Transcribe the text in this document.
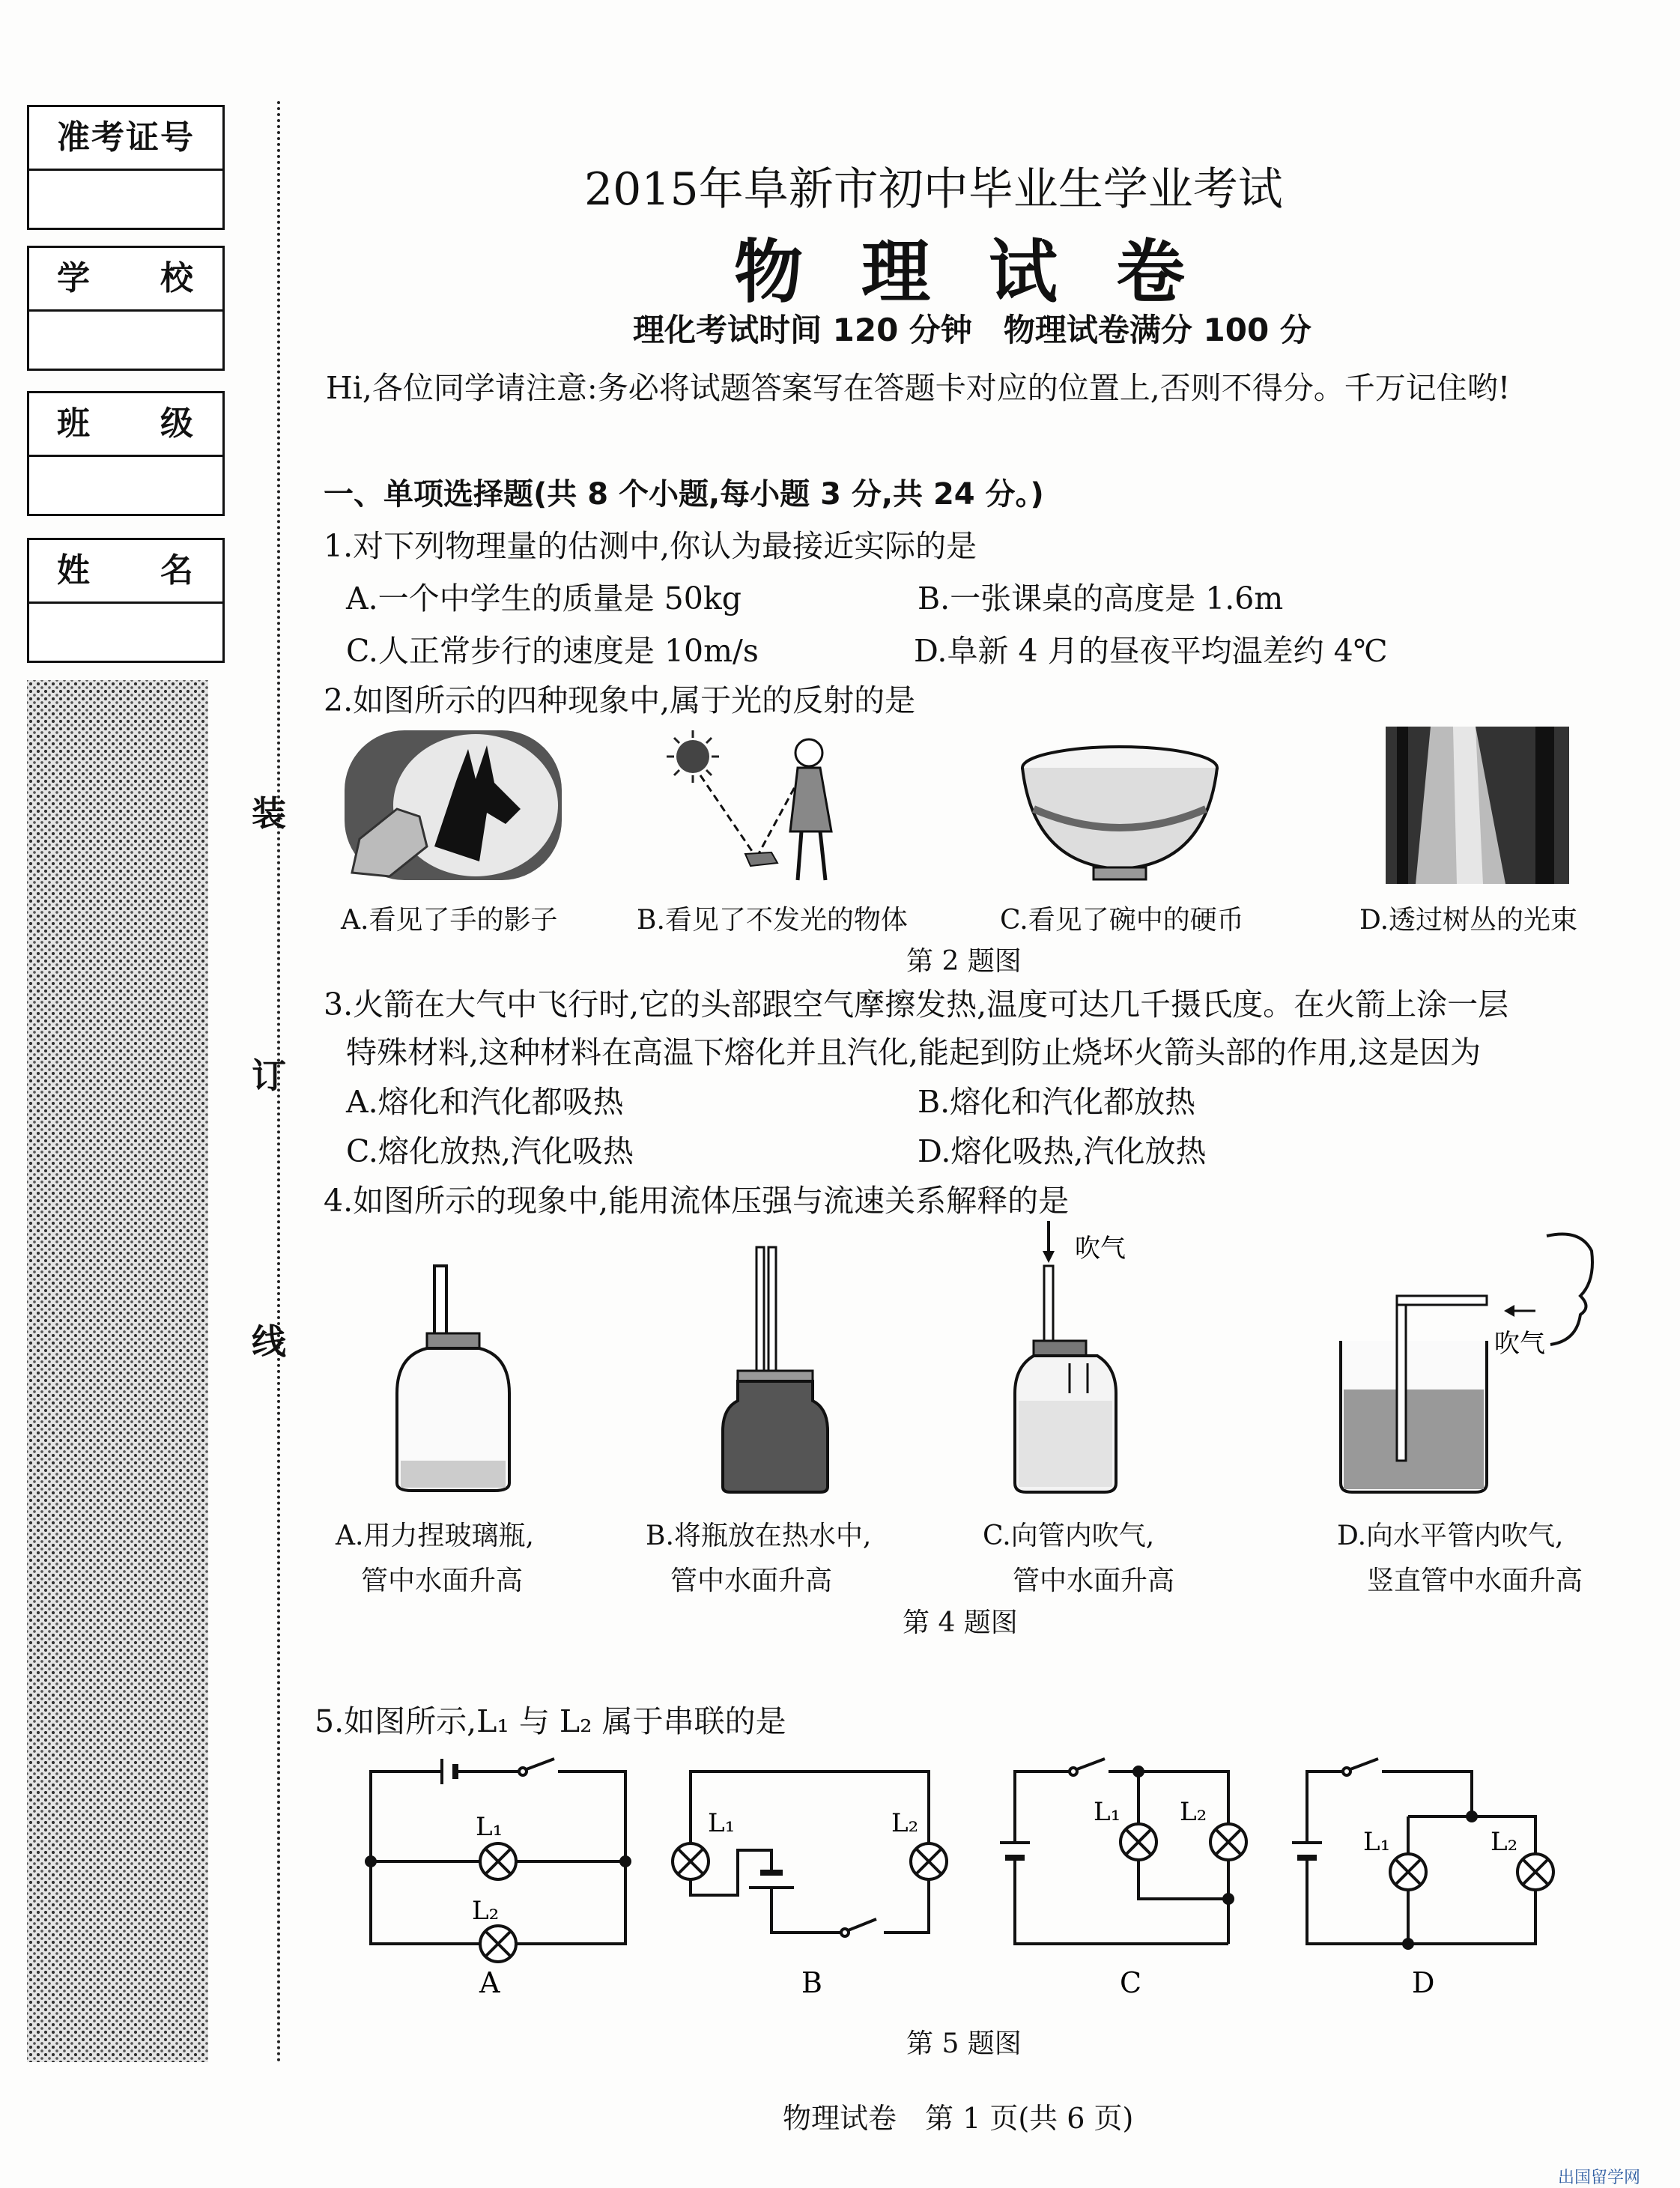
准考证号
学　　校
班　　级
姓　　名
装
订
线
2015年阜新市初中毕业生学业考试
物理试卷
理化考试时间 120 分钟　物理试卷满分 100 分
Hi,各位同学请注意:务必将试题答案写在答题卡对应的位置上,否则不得分。千万记住哟!
一、单项选择题(共 8 个小题,每小题 3 分,共 24 分。)
1.对下列物理量的估测中,你认为最接近实际的是
A.一个中学生的质量是 50kg	B.一张课桌的高度是 1.6m
C.人正常步行的速度是 10m/s	D.阜新 4 月的昼夜平均温差约 4℃
2.如图所示的四种现象中,属于光的反射的是
A.看见了手的影子	B.看见了不发光的物体	C.看见了碗中的硬币	D.透过树丛的光束
第 2 题图
3.火箭在大气中飞行时,它的头部跟空气摩擦发热,温度可达几千摄氏度。在火箭上涂一层
特殊材料,这种材料在高温下熔化并且汽化,能起到防止烧坏火箭头部的作用,这是因为
A.熔化和汽化都吸热	B.熔化和汽化都放热
C.熔化放热,汽化吸热	D.熔化吸热,汽化放热
4.如图所示的现象中,能用流体压强与流速关系解释的是
吹气
吹气
A.用力捏玻璃瓶,
管中水面升高
B.将瓶放在热水中,
管中水面升高
C.向管内吹气,
管中水面升高
D.向水平管内吹气,
竖直管中水面升高
第 4 题图
5.如图所示,L₁ 与 L₂ 属于串联的是
L₁
L₂
L₁	L₂	L₁ L₂
L₁	L₂
A	B	C	D
第 5 题图
物理试卷　第 1 页(共 6 页)
出国留学网
